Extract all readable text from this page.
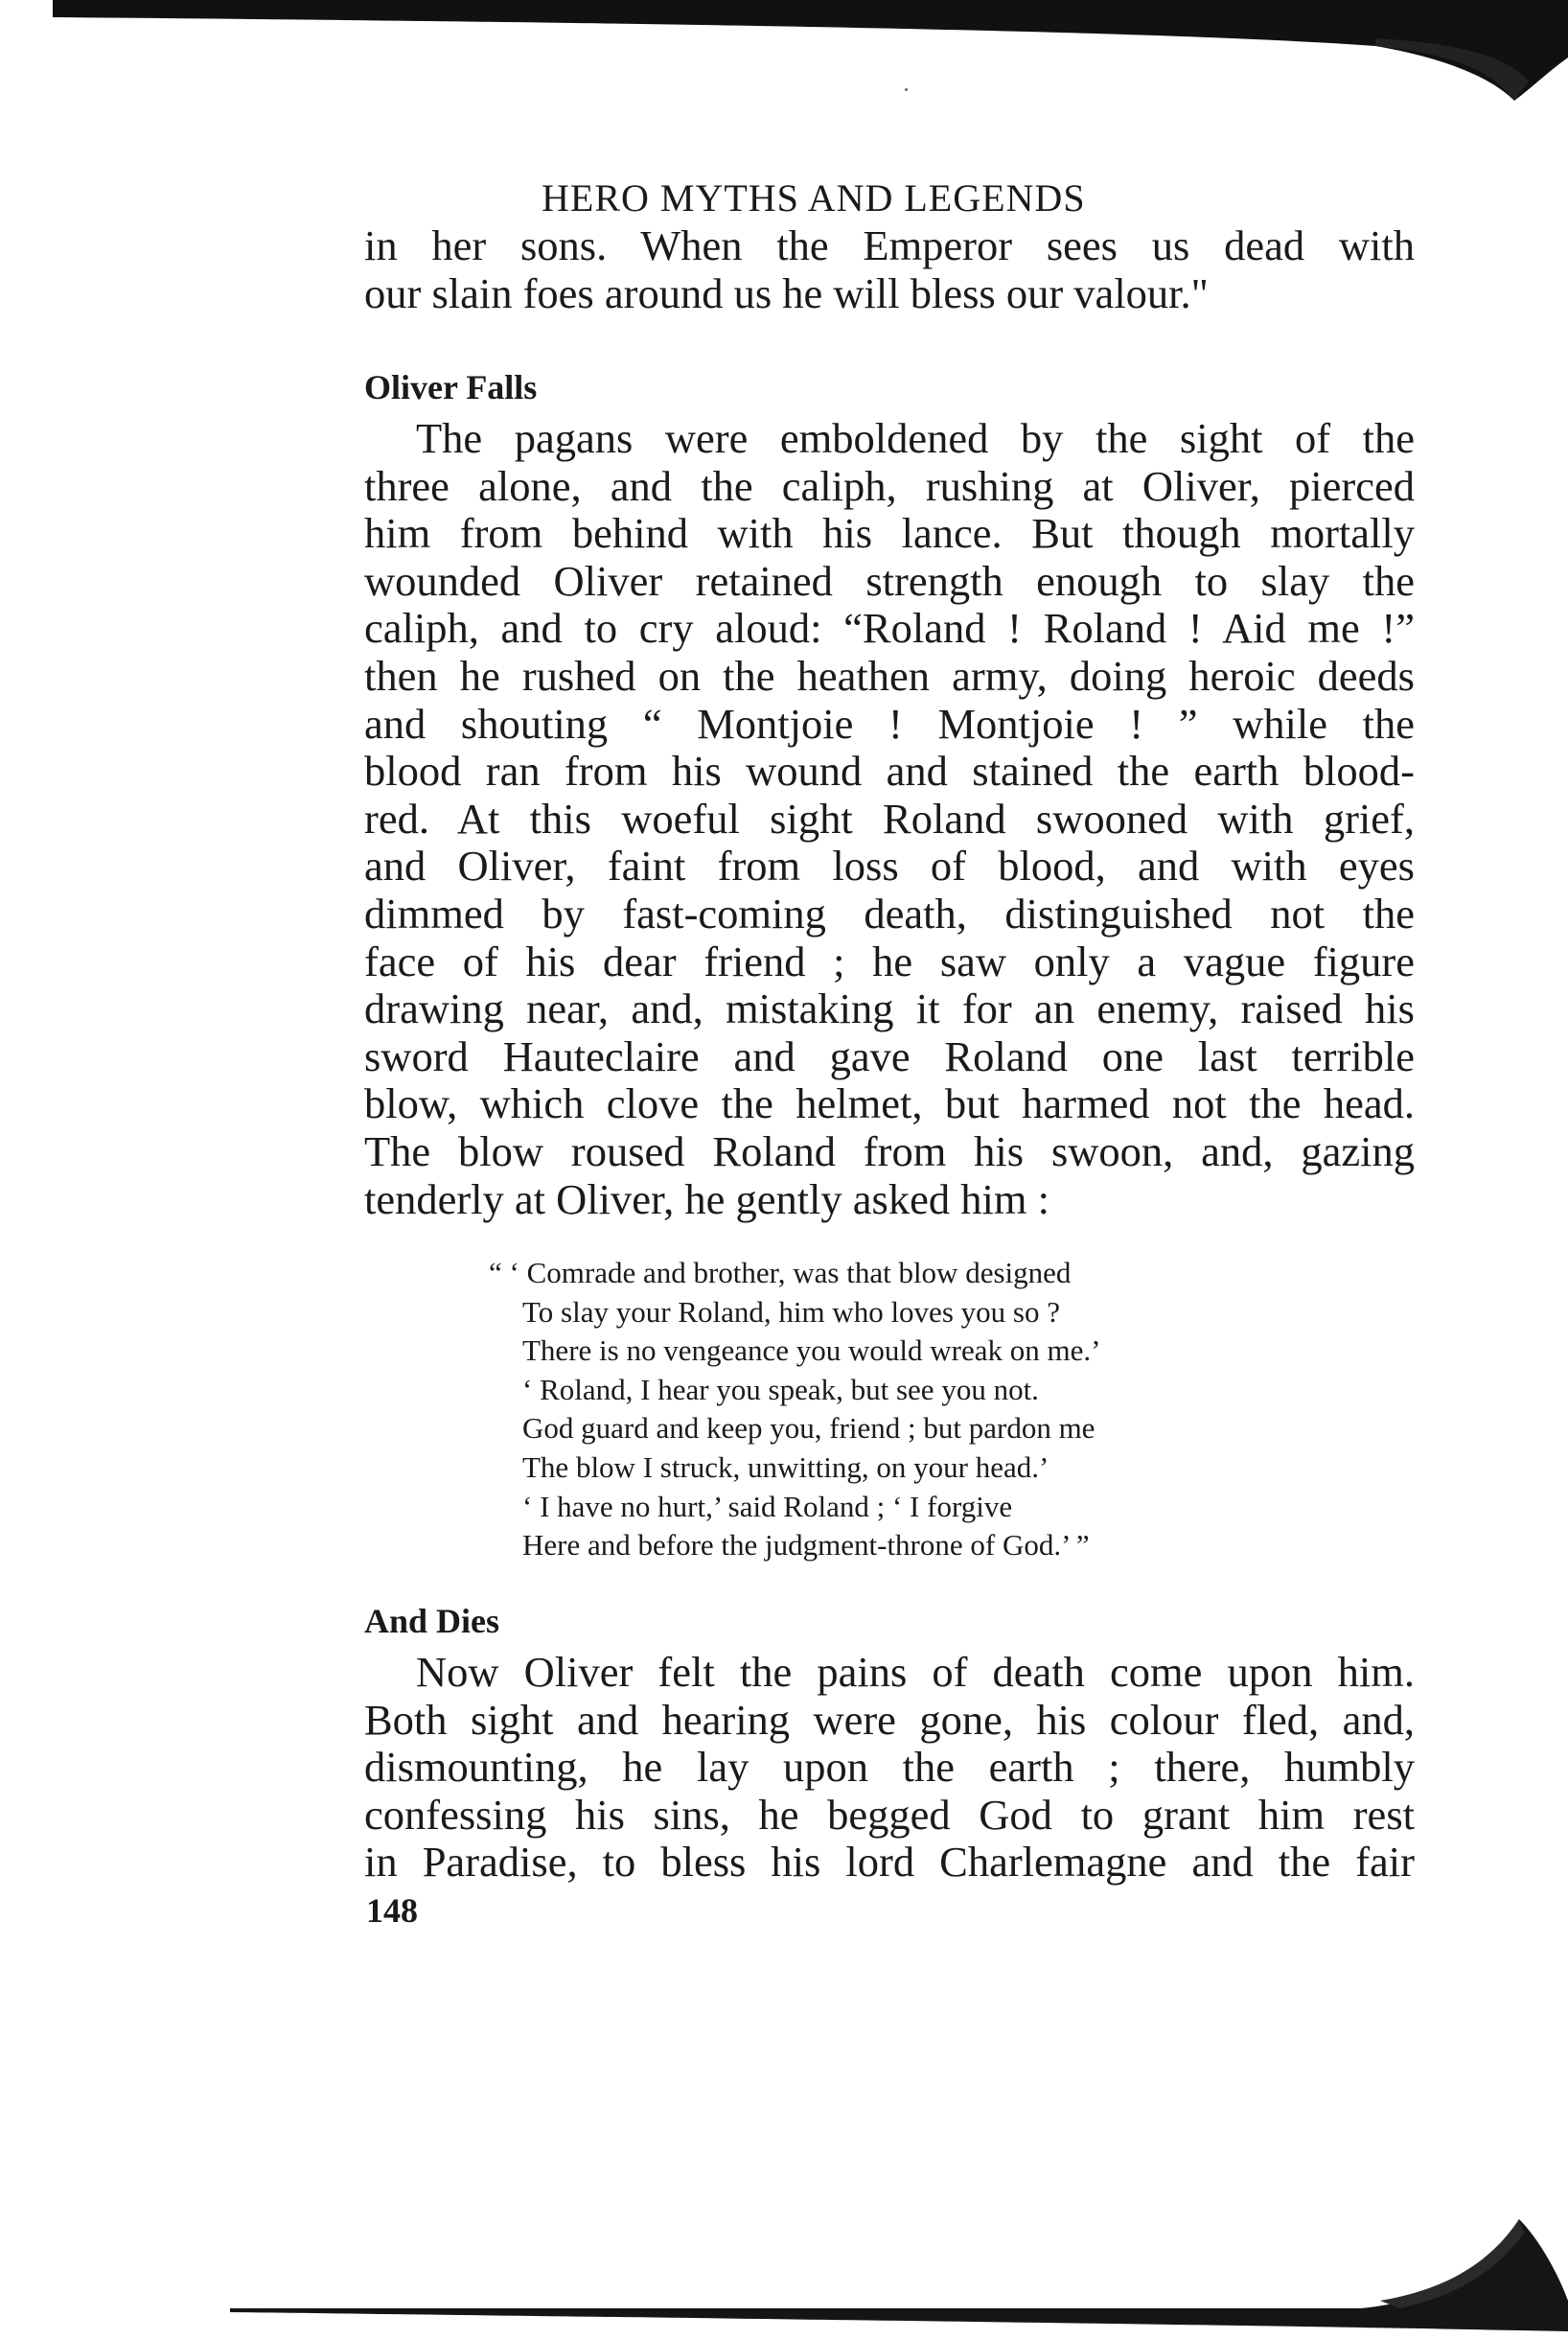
HERO MYTHS AND LEGENDS
in her sons. When the Emperor sees us dead with
our slain foes around us he will bless our valour."
Oliver Falls
The pagans were emboldened by the sight of the
three alone, and the caliph, rushing at Oliver, pierced
him from behind with his lance. But though mortally
wounded Oliver retained strength enough to slay the
caliph, and to cry aloud: “Roland ! Roland ! Aid me !”
then he rushed on the heathen army, doing heroic deeds
and shouting “ Montjoie ! Montjoie ! ” while the
blood ran from his wound and stained the earth blood-
red. At this woeful sight Roland swooned with grief,
and Oliver, faint from loss of blood, and with eyes
dimmed by fast-coming death, distinguished not the
face of his dear friend ; he saw only a vague figure
drawing near, and, mistaking it for an enemy, raised his
sword Hauteclaire and gave Roland one last terrible
blow, which clove the helmet, but harmed not the head.
The blow roused Roland from his swoon, and, gazing
tenderly at Oliver, he gently asked him :
“ ‘ Comrade and brother, was that blow designed
To slay your Roland, him who loves you so ?
There is no vengeance you would wreak on me.’
‘ Roland, I hear you speak, but see you not.
God guard and keep you, friend ; but pardon me
The blow I struck, unwitting, on your head.’
‘ I have no hurt,’ said Roland ; ‘ I forgive
Here and before the judgment-throne of God.’ ”
And Dies
Now Oliver felt the pains of death come upon him.
Both sight and hearing were gone, his colour fled, and,
dismounting, he lay upon the earth ; there, humbly
confessing his sins, he begged God to grant him rest
in Paradise, to bless his lord Charlemagne and the fair
148
